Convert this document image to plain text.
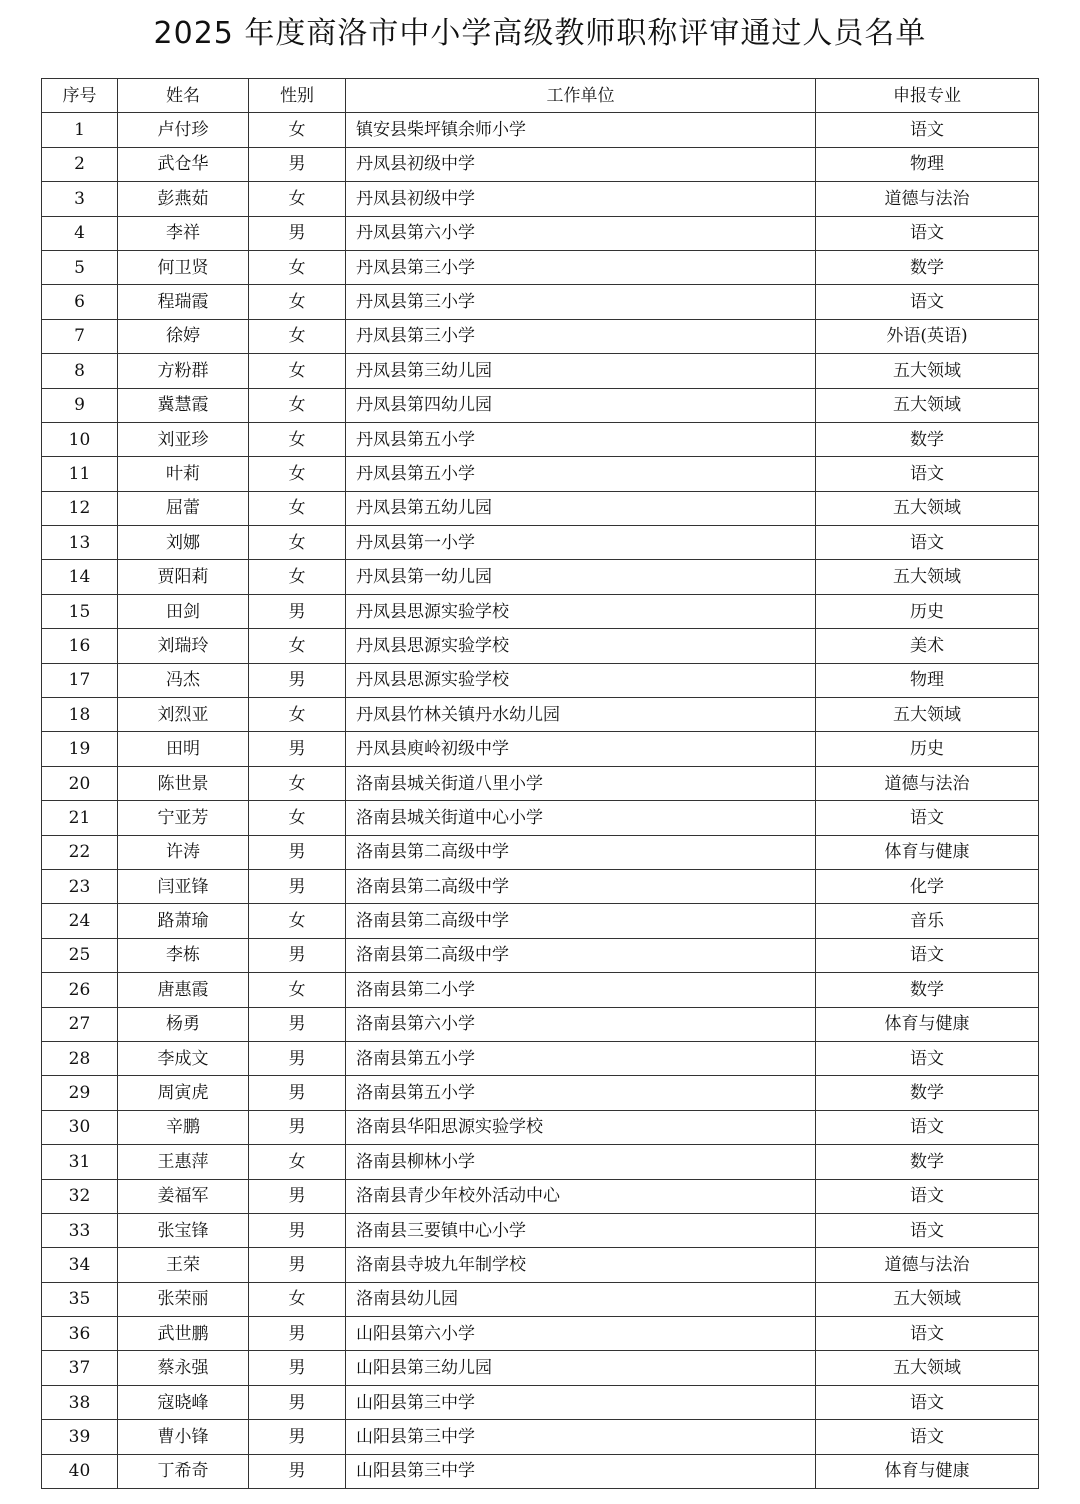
2025 年度商洛市中小学高级教师职称评审通过人员名单
序号	姓名	性别	工作单位	申报专业
1	卢付珍	女	镇安县柴坪镇余师小学	语文
2	武仓华	男	丹凤县初级中学	物理
3	彭燕茹	女	丹凤县初级中学	道德与法治
4	李祥	男	丹凤县第六小学	语文
5	何卫贤	女	丹凤县第三小学	数学
6	程瑞霞	女	丹凤县第三小学	语文
7	徐婷	女	丹凤县第三小学	外语(英语)
8	方粉群	女	丹凤县第三幼儿园	五大领域
9	冀慧霞	女	丹凤县第四幼儿园	五大领域
10	刘亚珍	女	丹凤县第五小学	数学
11	叶莉	女	丹凤县第五小学	语文
12	屈蕾	女	丹凤县第五幼儿园	五大领域
13	刘娜	女	丹凤县第一小学	语文
14	贾阳莉	女	丹凤县第一幼儿园	五大领域
15	田剑	男	丹凤县思源实验学校	历史
16	刘瑞玲	女	丹凤县思源实验学校	美术
17	冯杰	男	丹凤县思源实验学校	物理
18	刘烈亚	女	丹凤县竹林关镇丹水幼儿园	五大领域
19	田明	男	丹凤县庾岭初级中学	历史
20	陈世景	女	洛南县城关街道八里小学	道德与法治
21	宁亚芳	女	洛南县城关街道中心小学	语文
22	许涛	男	洛南县第二高级中学	体育与健康
23	闫亚锋	男	洛南县第二高级中学	化学
24	路萧瑜	女	洛南县第二高级中学	音乐
25	李栋	男	洛南县第二高级中学	语文
26	唐惠霞	女	洛南县第二小学	数学
27	杨勇	男	洛南县第六小学	体育与健康
28	李成文	男	洛南县第五小学	语文
29	周寅虎	男	洛南县第五小学	数学
30	辛鹏	男	洛南县华阳思源实验学校	语文
31	王惠萍	女	洛南县柳林小学	数学
32	姜福军	男	洛南县青少年校外活动中心	语文
33	张宝锋	男	洛南县三要镇中心小学	语文
34	王荣	男	洛南县寺坡九年制学校	道德与法治
35	张荣丽	女	洛南县幼儿园	五大领域
36	武世鹏	男	山阳县第六小学	语文
37	蔡永强	男	山阳县第三幼儿园	五大领域
38	寇晓峰	男	山阳县第三中学	语文
39	曹小锋	男	山阳县第三中学	语文
40	丁希奇	男	山阳县第三中学	体育与健康
